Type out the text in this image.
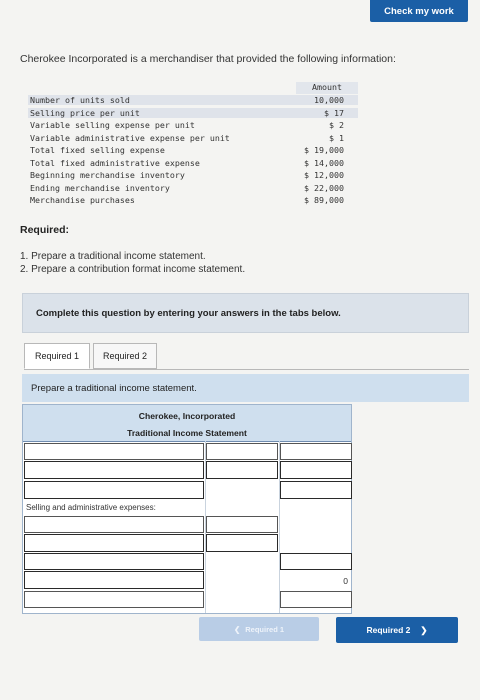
Check my work
Cherokee Incorporated is a merchandiser that provided the following information:
Amount
Number of units sold	10,000
Selling price per unit	$ 17
Variable selling expense per unit	$ 2
Variable administrative expense per unit	$ 1
Total fixed selling expense	$ 19,000
Total fixed administrative expense	$ 14,000
Beginning merchandise inventory	$ 12,000
Ending merchandise inventory	$ 22,000
Merchandise purchases	$ 89,000
Required:
1. Prepare a traditional income statement.
2. Prepare a contribution format income statement.
Complete this question by entering your answers in the tabs below.
Required 1	Required 2
Prepare a traditional income statement.
Cherokee, Incorporated
Traditional Income Statement
Selling and administrative expenses:
0
❮ Required 1	Required 2 ❯
